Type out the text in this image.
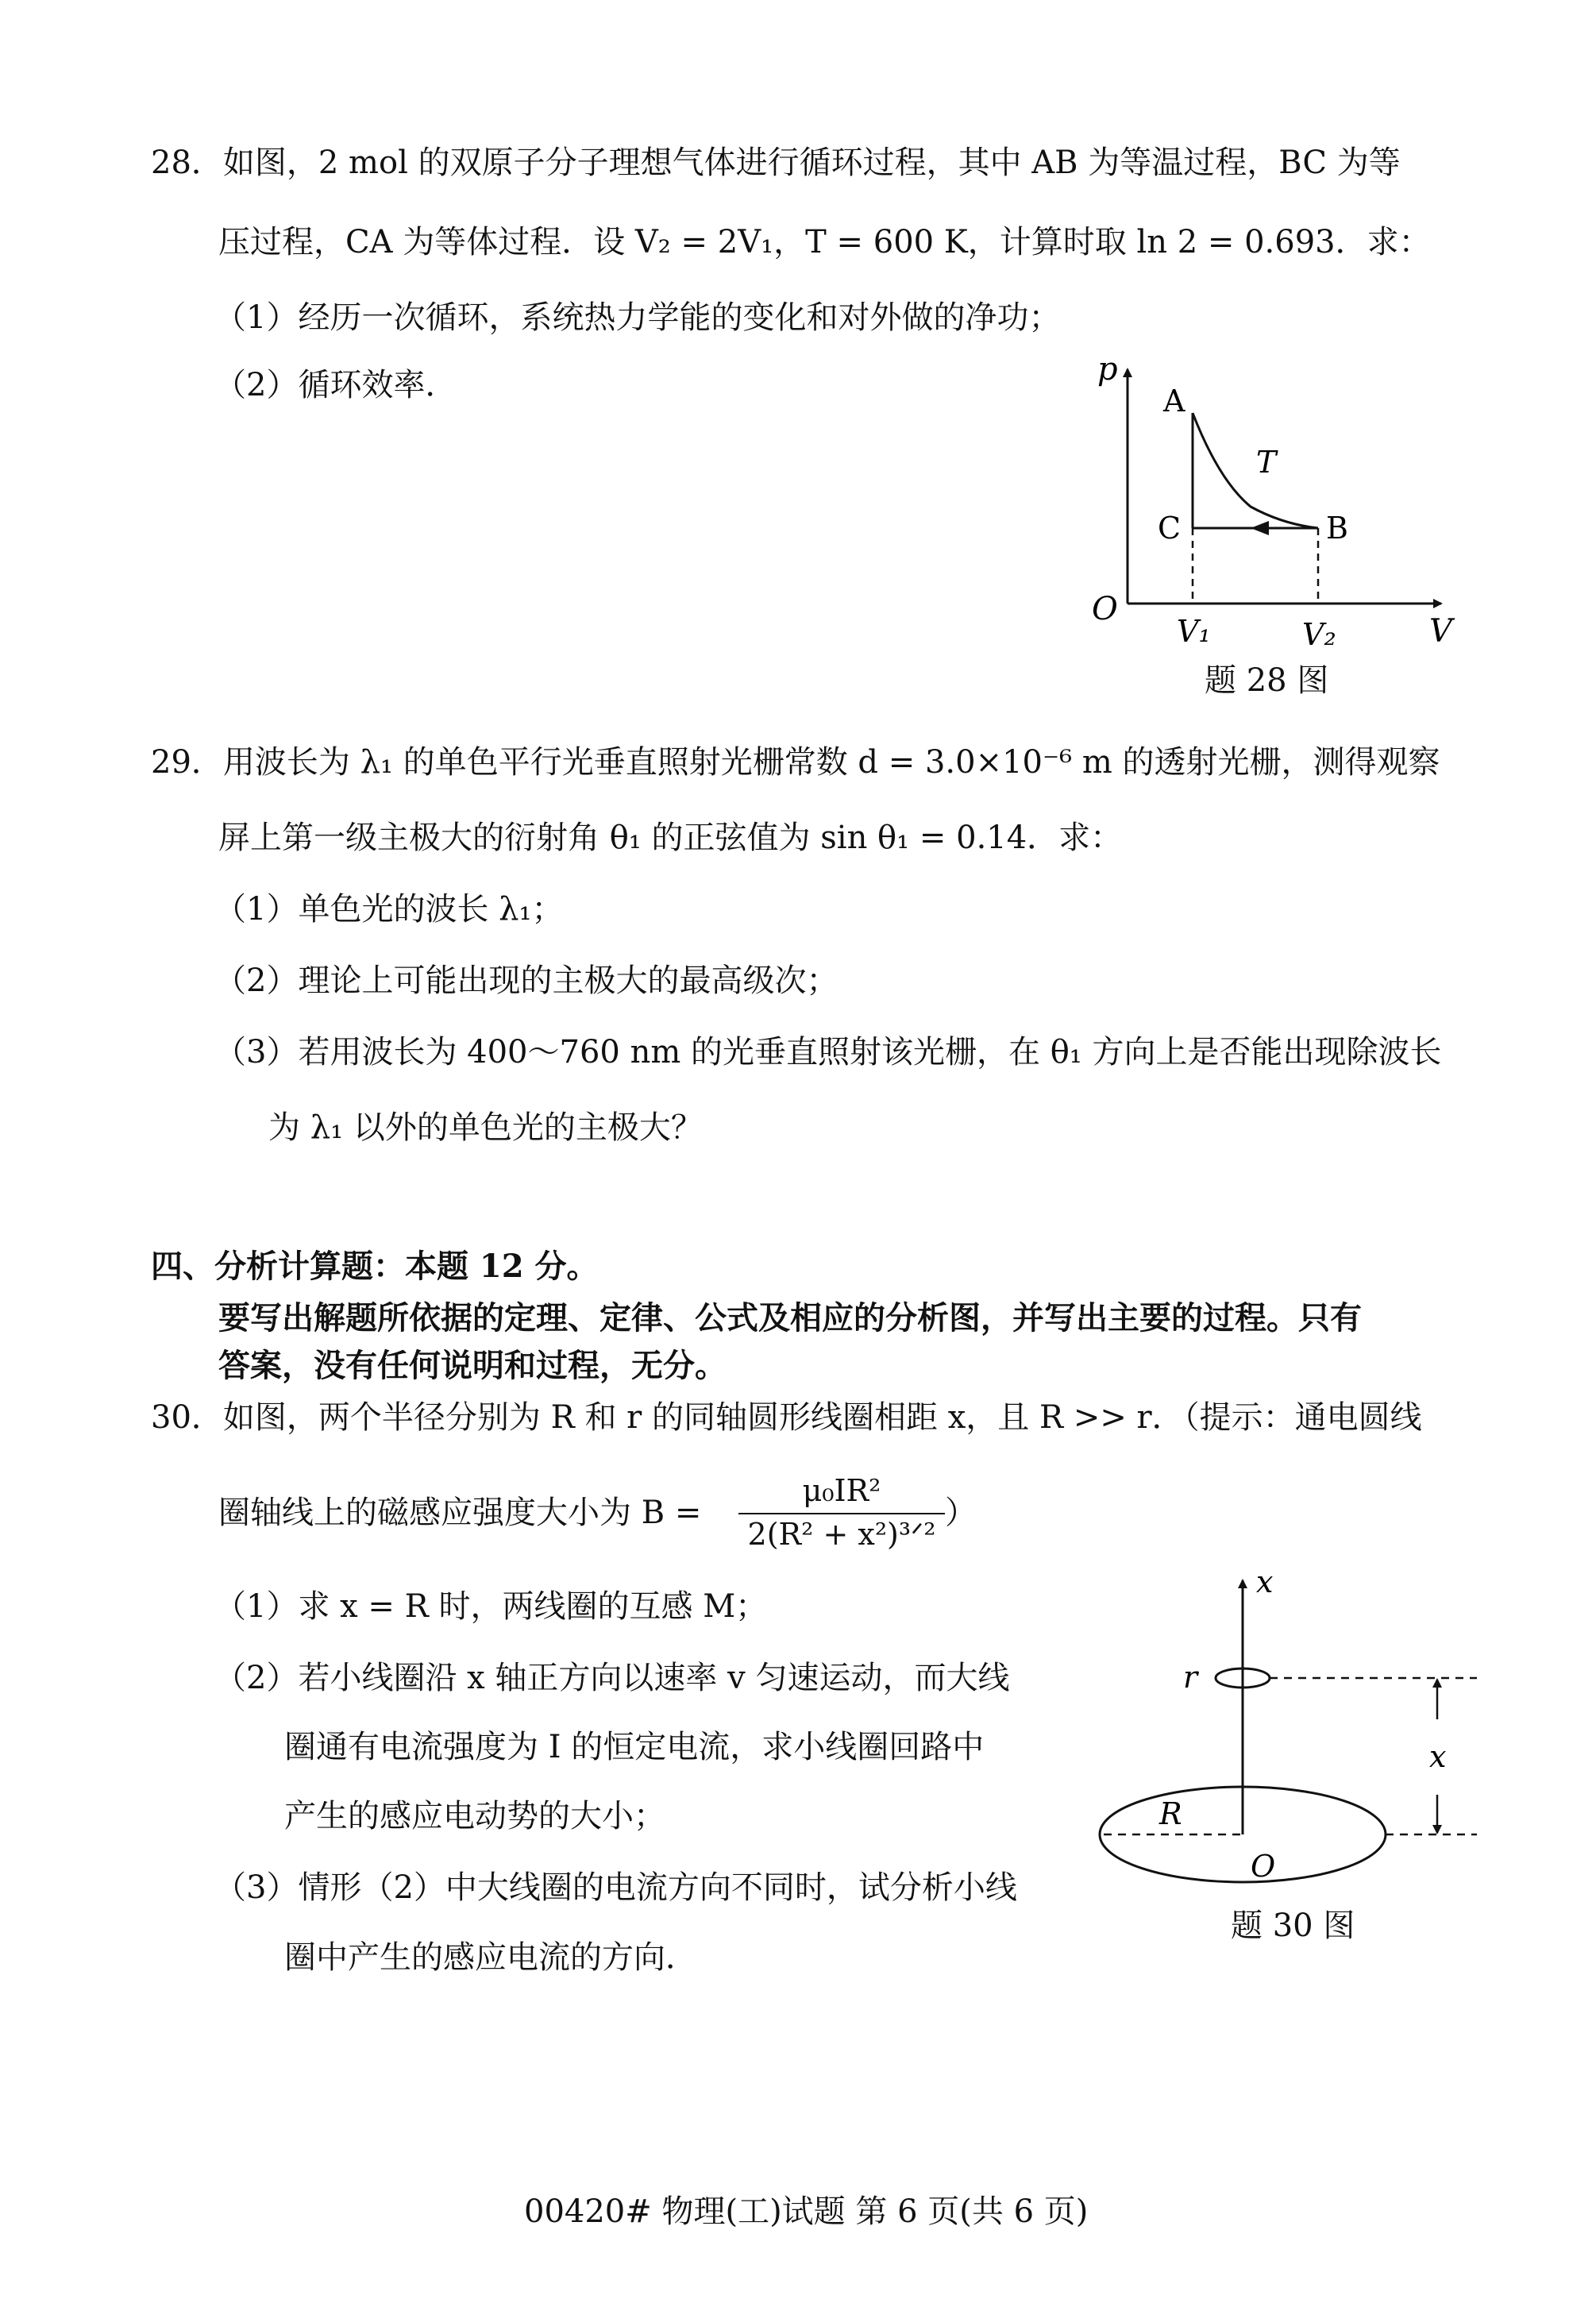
28．如图，2 mol 的双原子分子理想气体进行循环过程，其中 AB 为等温过程，BC 为等
压过程，CA 为等体过程．设 V₂ = 2V₁，T = 600 K，计算时取 ln 2 = 0.693．求：
（1）经历一次循环，系统热力学能的变化和对外做的净功；
（2）循环效率．	p
A
T
C	B
O
V₁	V₂	V
题 28 图
29．用波长为 λ₁ 的单色平行光垂直照射光栅常数 d = 3.0×10⁻⁶ m 的透射光栅，测得观察
屏上第一级主极大的衍射角 θ₁ 的正弦值为 sin θ₁ = 0.14．求：
（1）单色光的波长 λ₁；
（2）理论上可能出现的主极大的最高级次；
（3）若用波长为 400～760 nm 的光垂直照射该光栅，在 θ₁ 方向上是否能出现除波长
为 λ₁ 以外的单色光的主极大？
四、分析计算题：本题 12 分。
要写出解题所依据的定理、定律、公式及相应的分析图，并写出主要的过程。只有
答案，没有任何说明和过程，无分。
30．如图，两个半径分别为 R 和 r 的同轴圆形线圈相距 x，且 R >> r．（提示：通电圆线
圈轴线上的磁感应强度大小为 B =
μ₀IR²
2(R² + x²)³ᐟ²
）
（1）求 x = R 时，两线圈的互感 M；
（2）若小线圈沿 x 轴正方向以速率 v 匀速运动，而大线
圈通有电流强度为 I 的恒定电流，求小线圈回路中
产生的感应电动势的大小；
（3）情形（2）中大线圈的电流方向不同时，试分析小线
圈中产生的感应电流的方向．
x
r
R
O
x
题 30 图
00420# 物理(工)试题 第 6 页(共 6 页)
